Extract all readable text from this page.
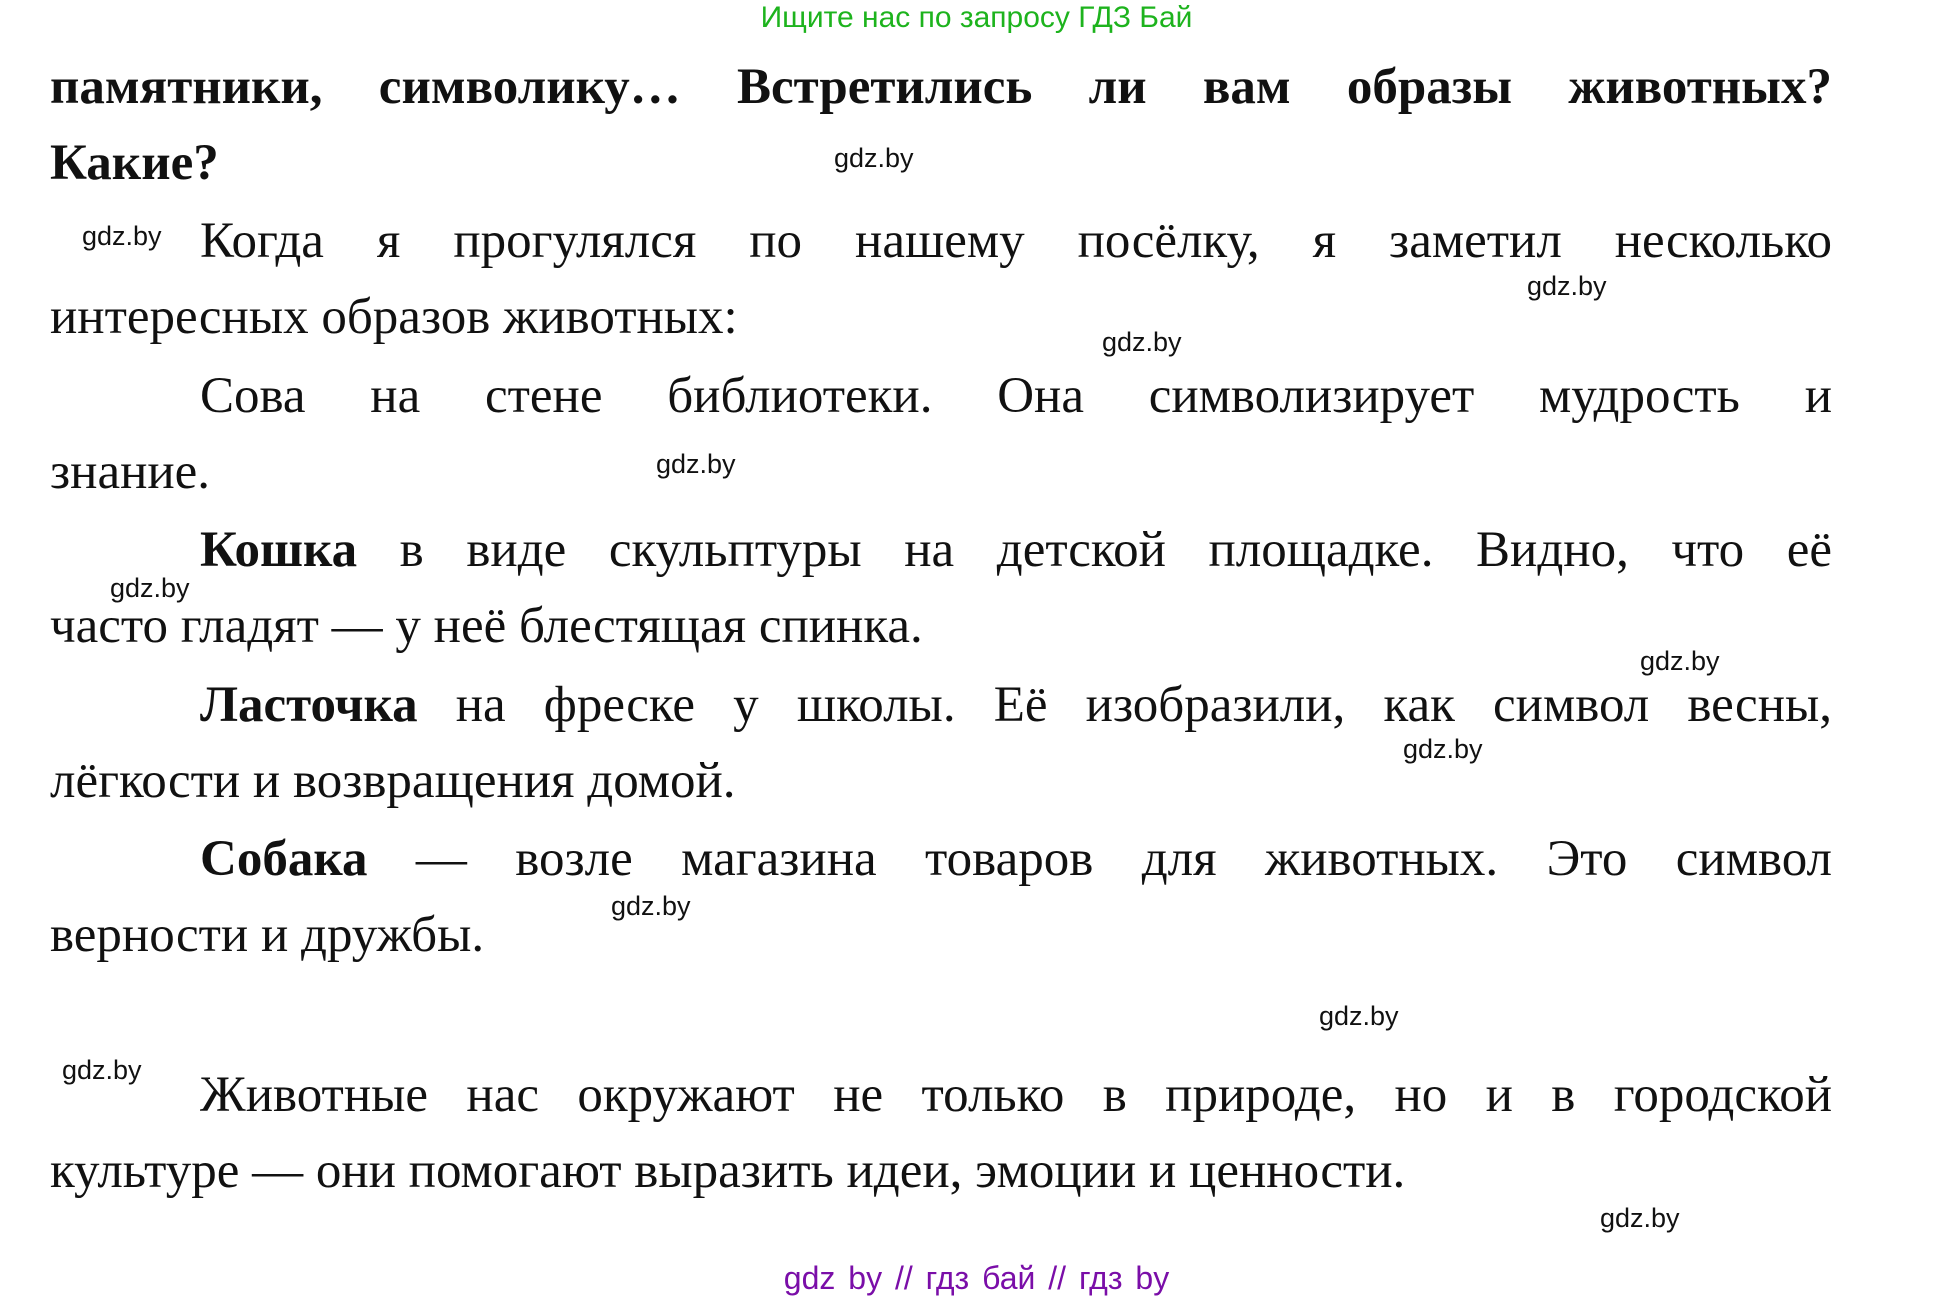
Ищите нас по запросу ГДЗ Бай
памятники, символику… Встретились ли вам образы животных?
Какие?
Когда я прогулялся по нашему посёлку, я заметил несколько
интересных образов животных:
Сова на стене библиотеки. Она символизирует мудрость и
знание.
Кошка в виде скульптуры на детской площадке. Видно, что её
часто гладят — у неё блестящая спинка.
Ласточка на фреске у школы. Её изобразили, как символ весны,
лёгкости и возвращения домой.
Собака — возле магазина товаров для животных. Это символ
верности и дружбы.
Животные нас окружают не только в природе, но и в городской
культуре — они помогают выразить идеи, эмоции и ценности.
gdz.by
gdz.by
gdz.by
gdz.by
gdz.by
gdz.by
gdz.by
gdz.by
gdz.by
gdz.by
gdz.by
gdz.by
gdz by // гдз бай // гдз by
